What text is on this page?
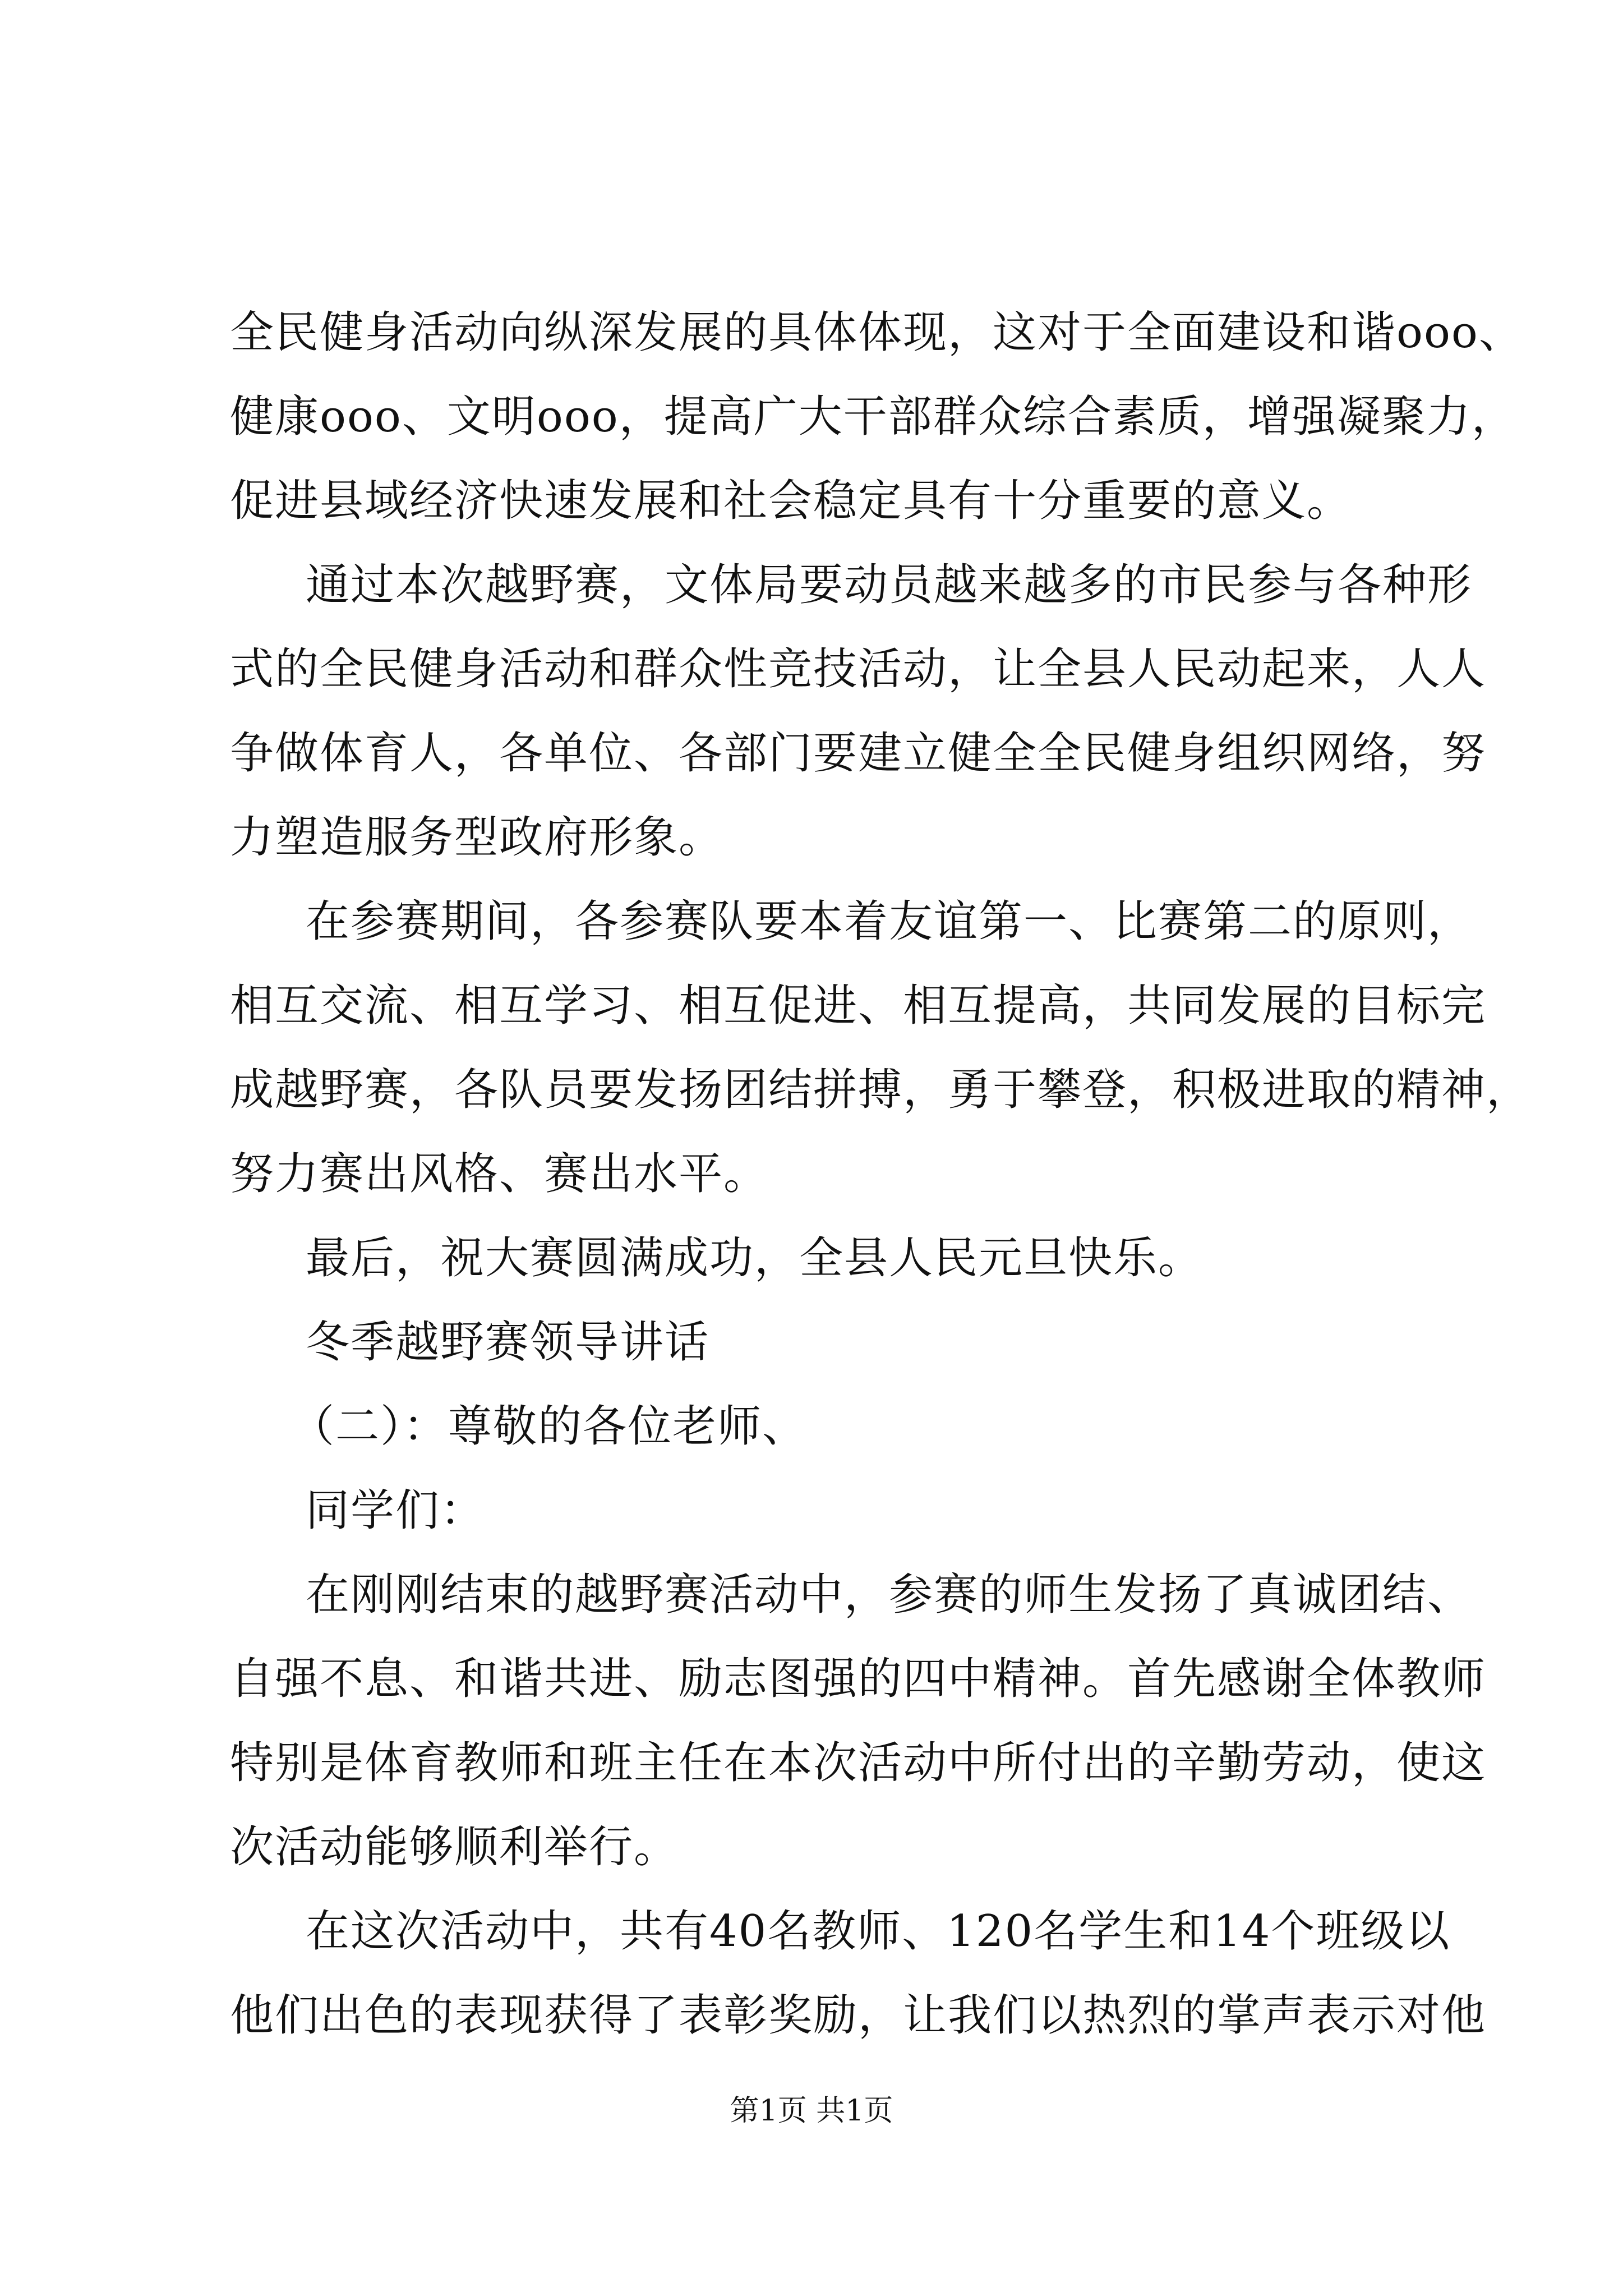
全民健身活动向纵深发展的具体体现，这对于全面建设和谐ooo、
健康ooo、文明ooo，提高广大干部群众综合素质，增强凝聚力，
促进县域经济快速发展和社会稳定具有十分重要的意义。
通过本次越野赛，文体局要动员越来越多的市民参与各种形
式的全民健身活动和群众性竞技活动，让全县人民动起来，人人
争做体育人，各单位、各部门要建立健全全民健身组织网络，努
力塑造服务型政府形象。
在参赛期间，各参赛队要本着友谊第一、比赛第二的原则，
相互交流、相互学习、相互促进、相互提高，共同发展的目标完
成越野赛，各队员要发扬团结拼搏，勇于攀登，积极进取的精神，
努力赛出风格、赛出水平。
最后，祝大赛圆满成功，全县人民元旦快乐。
冬季越野赛领导讲话
（二）：尊敬的各位老师、
同学们：
在刚刚结束的越野赛活动中，参赛的师生发扬了真诚团结、
自强不息、和谐共进、励志图强的四中精神。首先感谢全体教师
特别是体育教师和班主任在本次活动中所付出的辛勤劳动，使这
次活动能够顺利举行。
在这次活动中，共有40名教师、120名学生和14个班级以
他们出色的表现获得了表彰奖励，让我们以热烈的掌声表示对他
第1页 共1页
